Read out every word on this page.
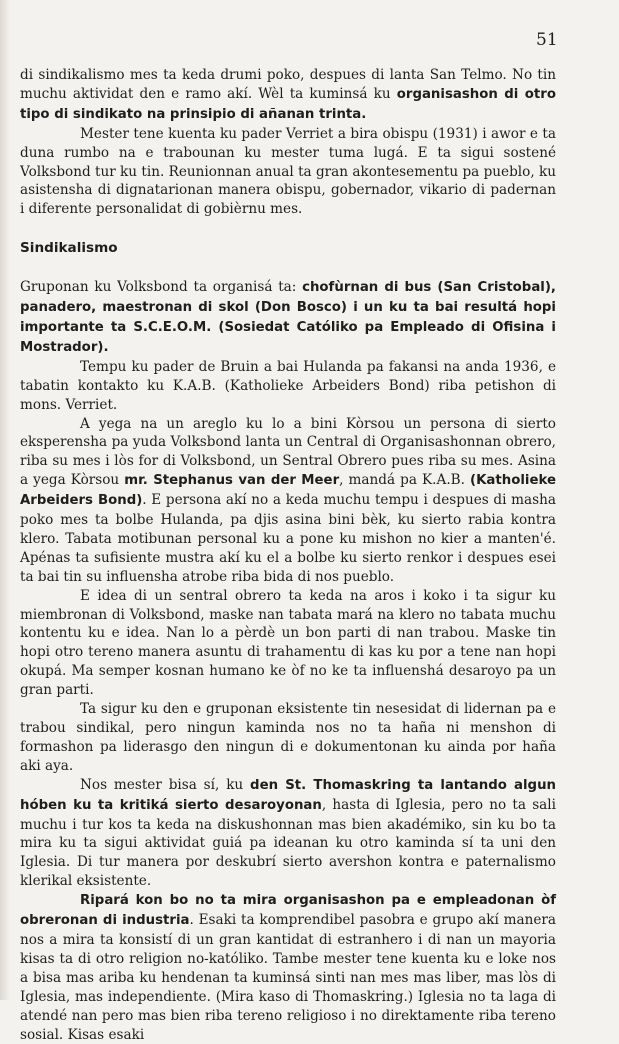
51

di sindikalismo mes ta keda drumi poko, despues di lanta San Telmo. No tin muchu aktividat den e ramo akí. Wèl ta kuminsá ku organisashon di otro tipo di sindikato na prinsipio di añanan trinta.

Mester tene kuenta ku pader Verriet a bira obispu (1931) i awor e ta duna rumbo na e trabounan ku mester tuma lugá. E ta sigui sostené Volksbond tur ku tin. Reunionnan anual ta gran akontesementu pa pueblo, ku asistensha di dignatarionan manera obispu, gobernador, vikario di padernan i diferente personalidat di gobièrnu mes.

Sindikalismo

Gruponan ku Volksbond ta organisá ta: chofùrnan di bus (San Cristobal), panadero, maestronan di skol (Don Bosco) i un ku ta bai resultá hopi importante ta S.C.E.O.M. (Sosiedat Católiko pa Empleado di Ofisina i Mostrador).

Tempu ku pader de Bruin a bai Hulanda pa fakansi na anda 1936, e tabatin kontakto ku K.A.B. (Katholieke Arbeiders Bond) riba petishon di mons. Verriet.

A yega na un areglo ku lo a bini Kòrsou un persona di sierto eksperensha pa yuda Volksbond lanta un Central di Organisashonnan obrero, riba su mes i lòs for di Volksbond, un Sentral Obrero pues riba su mes. Asina a yega Kòrsou mr. Stephanus van der Meer, mandá pa K.A.B. (Katholieke Arbeiders Bond). E persona akí no a keda muchu tempu i despues di masha poko mes ta bolbe Hulanda, pa djis asina bini bèk, ku sierto rabia kontra klero. Tabata motibunan personal ku a pone ku mishon no kier a manten'é. Apénas ta sufisiente mustra akí ku el a bolbe ku sierto renkor i despues esei ta bai tin su influensha atrobe riba bida di nos pueblo.

E idea di un sentral obrero ta keda na aros i koko i ta sigur ku miembronan di Volksbond, maske nan tabata mará na klero no tabata muchu kontentu ku e idea. Nan lo a pèrdè un bon parti di nan trabou. Maske tin hopi otro tereno manera asuntu di trahamentu di kas ku por a tene nan hopi okupá. Ma semper kosnan humano ke òf no ke ta influenshá desaroyo pa un gran parti.

Ta sigur ku den e gruponan eksistente tin nesesidat di lidernan pa e trabou sindikal, pero ningun kaminda nos no ta haña ni menshon di formashon pa liderasgo den ningun di e dokumentonan ku ainda por haña aki aya.

Nos mester bisa sí, ku den St. Thomaskring ta lantando algun hóben ku ta kritiká sierto desaroyonan, hasta di Iglesia, pero no ta sali muchu i tur kos ta keda na diskushonnan mas bien akadémiko, sin ku bo ta mira ku ta sigui aktividat guiá pa ideanan ku otro kaminda sí ta uni den Iglesia. Di tur manera por deskubrí sierto avershon kontra e paternalismo klerikal eksistente.

Ripará kon bo no ta mira organisashon pa e empleadonan òf obreronan di industria. Esaki ta komprendibel pasobra e grupo akí manera nos a mira ta konsistí di un gran kantidat di estranhero i di nan un mayoria kisas ta di otro religion no-katóliko. Tambe mester tene kuenta ku e loke nos a bisa mas ariba ku hendenan ta kuminsá sinti nan mes mas liber, mas lòs di Iglesia, mas independiente. (Mira kaso di Thomaskring.) Iglesia no ta laga di atendé nan pero mas bien riba tereno religioso i no direktamente riba tereno sosial. Kisas esaki
